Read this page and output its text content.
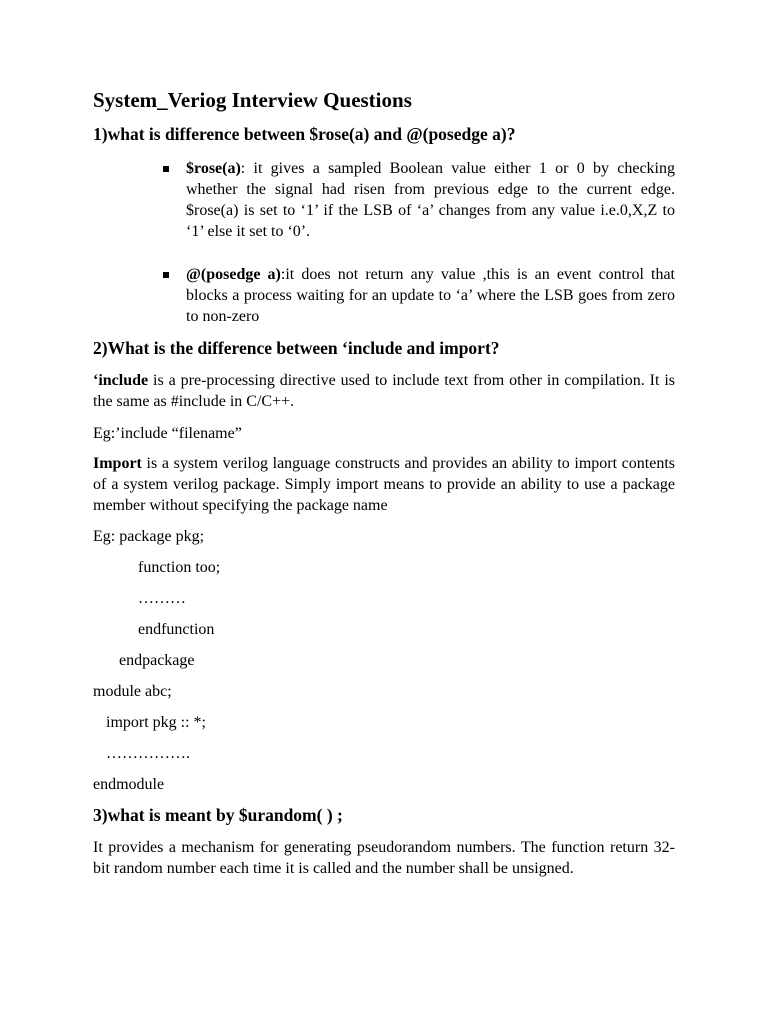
System_Veriog Interview Questions
1)what is difference between $rose(a) and @(posedge a)?

$rose(a): it gives a sampled Boolean value either 1 or 0 by checking whether the signal had risen from previous edge to the current edge. $rose(a) is set to ‘1’ if the LSB of ‘a’ changes from any value i.e.0,X,Z to ‘1’ else it set to ‘0’.

@(posedge a):it does not return any value ,this is an event control that blocks a process waiting for an update to ‘a’ where the LSB goes from zero to non-zero

2)What is the difference between ‘include and import?

‘include is a pre-processing directive used to include text from other in compilation. It is the same as #include in C/C++.

Eg:’include “filename”

Import is a system verilog language constructs and provides an ability to import contents of a system verilog package. Simply import means to provide an ability to use a package member without specifying the package name

Eg: package pkg;

function too;

………

endfunction

endpackage

module abc;

import pkg :: *;

…………….

endmodule

3)what is meant by $urandom( ) ;

It provides a mechanism for generating pseudorandom numbers. The function return 32-bit random number each time it is called and the number shall be unsigned.
